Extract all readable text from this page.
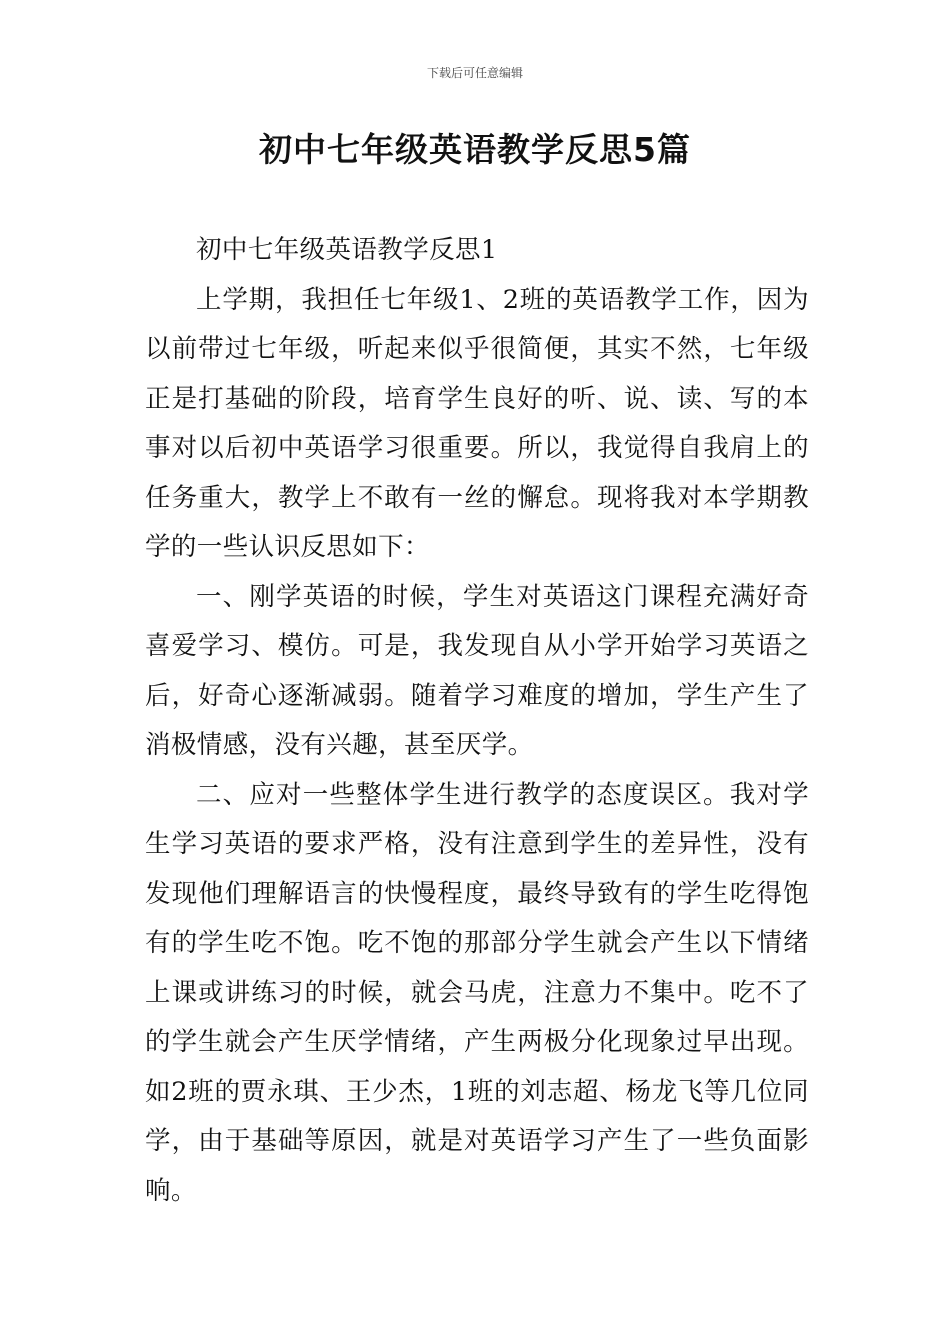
下载后可任意编辑
初中七年级英语教学反思5篇

初中七年级英语教学反思1

上学期，我担任七年级1、2班的英语教学工作，因为以前带过七年级，听起来似乎很简便，其实不然，七年级正是打基础的阶段，培育学生良好的听、说、读、写的本事对以后初中英语学习很重要。所以，我觉得自我肩上的任务重大，教学上不敢有一丝的懈怠。现将我对本学期教学的一些认识反思如下：

一、刚学英语的时候，学生对英语这门课程充满好奇喜爱学习、模仿。可是，我发现自从小学开始学习英语之后，好奇心逐渐减弱。随着学习难度的增加，学生产生了消极情感，没有兴趣，甚至厌学。

二、应对一些整体学生进行教学的态度误区。我对学生学习英语的要求严格，没有注意到学生的差异性，没有发现他们理解语言的快慢程度，最终导致有的学生吃得饱有的学生吃不饱。吃不饱的那部分学生就会产生以下情绪上课或讲练习的时候，就会马虎，注意力不集中。吃不了的学生就会产生厌学情绪，产生两极分化现象过早出现。如2班的贾永琪、王少杰，1班的刘志超、杨龙飞等几位同学，由于基础等原因，就是对英语学习产生了一些负面影响。
